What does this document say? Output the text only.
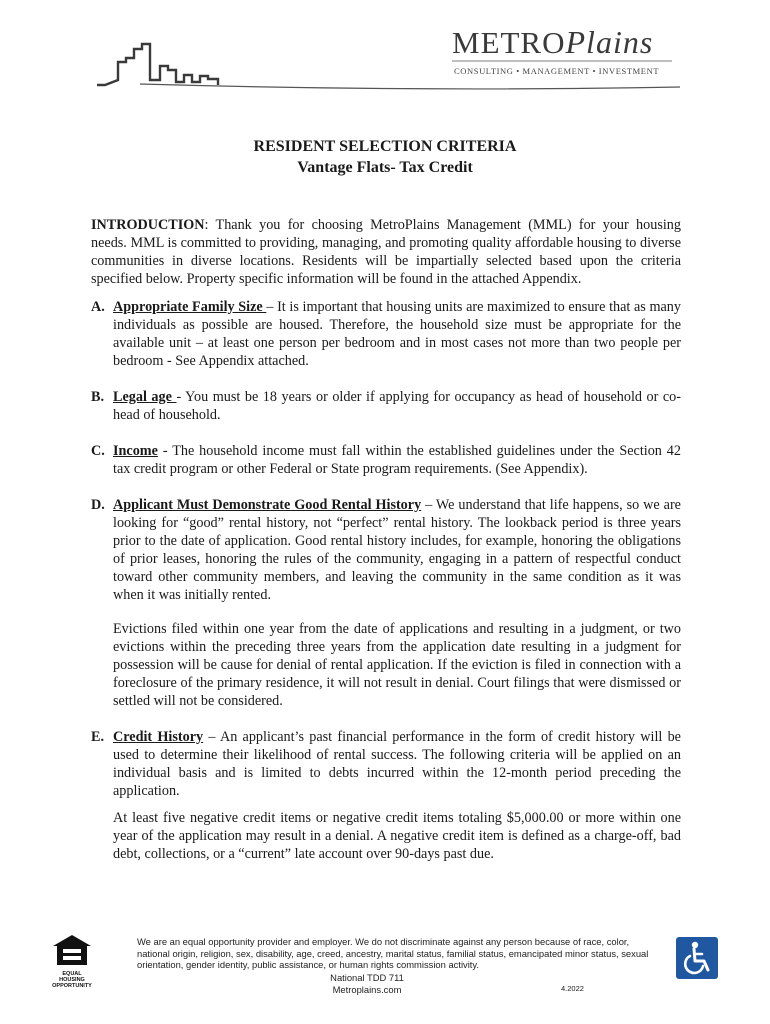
METROPlains
CONSULTING • MANAGEMENT • INVESTMENT
RESIDENT SELECTION CRITERIA
Vantage Flats- Tax Credit

INTRODUCTION: Thank you for choosing MetroPlains Management (MML) for your housing needs. MML is committed to providing, managing, and promoting quality affordable housing to diverse communities in diverse locations. Residents will be impartially selected based upon the criteria specified below. Property specific information will be found in the attached Appendix.

A. Appropriate Family Size – It is important that housing units are maximized to ensure that as many individuals as possible are housed. Therefore, the household size must be appropriate for the available unit – at least one person per bedroom and in most cases not more than two people per bedroom - See Appendix attached.

B. Legal age - You must be 18 years or older if applying for occupancy as head of household or co-head of household.

C. Income - The household income must fall within the established guidelines under the Section 42 tax credit program or other Federal or State program requirements. (See Appendix).

D. Applicant Must Demonstrate Good Rental History – We understand that life happens, so we are looking for “good” rental history, not “perfect” rental history. The lookback period is three years prior to the date of application. Good rental history includes, for example, honoring the obligations of prior leases, honoring the rules of the community, engaging in a pattern of respectful conduct toward other community members, and leaving the community in the same condition as it was when it was initially rented.

Evictions filed within one year from the date of applications and resulting in a judgment, or two evictions within the preceding three years from the application date resulting in a judgment for possession will be cause for denial of rental application. If the eviction is filed in connection with a foreclosure of the primary residence, it will not result in denial. Court filings that were dismissed or settled will not be considered.

E. Credit History – An applicant’s past financial performance in the form of credit history will be used to determine their likelihood of rental success. The following criteria will be applied on an individual basis and is limited to debts incurred within the 12-month period preceding the application.

At least five negative credit items or negative credit items totaling $5,000.00 or more within one year of the application may result in a denial. A negative credit item is defined as a charge-off, bad debt, collections, or a “current” late account over 90-days past due.

EQUAL HOUSING
OPPORTUNITY
We are an equal opportunity provider and employer. We do not discriminate against any person because of race, color, national origin, religion, sex, disability, age, creed, ancestry, marital status, familial status, emancipated minor status, sexual orientation, gender identity, public assistance, or human rights commission activity.
National TDD 711
Metroplains.com	4.2022
